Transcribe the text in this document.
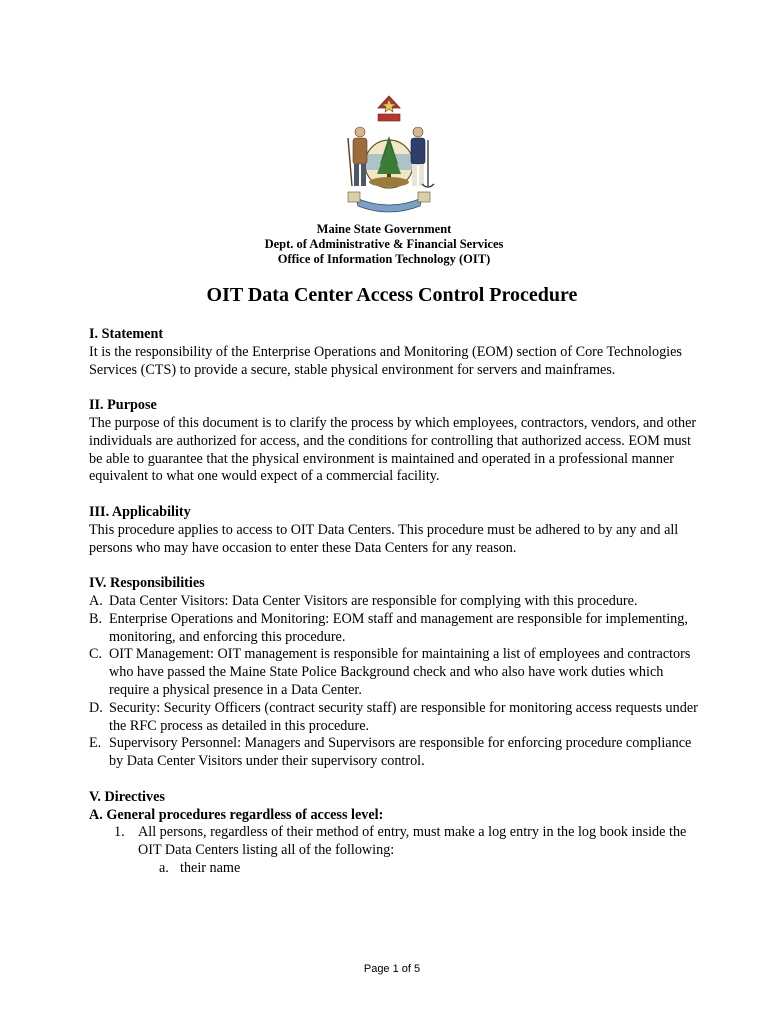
Maine State Government
Dept. of Administrative & Financial Services
Office of Information Technology (OIT)
OIT Data Center Access Control Procedure
I. Statement
It is the responsibility of the Enterprise Operations and Monitoring (EOM) section of Core Technologies Services (CTS) to provide a secure, stable physical environment for servers and mainframes.
II. Purpose
The purpose of this document is to clarify the process by which employees, contractors, vendors, and other individuals are authorized for access, and the conditions for controlling that authorized access. EOM must be able to guarantee that the physical environment is maintained and operated in a professional manner equivalent to what one would expect of a commercial facility.
III. Applicability
This procedure applies to access to OIT Data Centers. This procedure must be adhered to by any and all persons who may have occasion to enter these Data Centers for any reason.
IV. Responsibilities
A. Data Center Visitors: Data Center Visitors are responsible for complying with this procedure.
B. Enterprise Operations and Monitoring: EOM staff and management are responsible for implementing, monitoring, and enforcing this procedure.
C. OIT Management: OIT management is responsible for maintaining a list of employees and contractors who have passed the Maine State Police Background check and who also have work duties which require a physical presence in a Data Center.
D. Security: Security Officers (contract security staff) are responsible for monitoring access requests under the RFC process as detailed in this procedure.
E. Supervisory Personnel: Managers and Supervisors are responsible for enforcing procedure compliance by Data Center Visitors under their supervisory control.
V. Directives
A. General procedures regardless of access level:
1. All persons, regardless of their method of entry, must make a log entry in the log book inside the OIT Data Centers listing all of the following:
a. their name
Page 1 of 5
